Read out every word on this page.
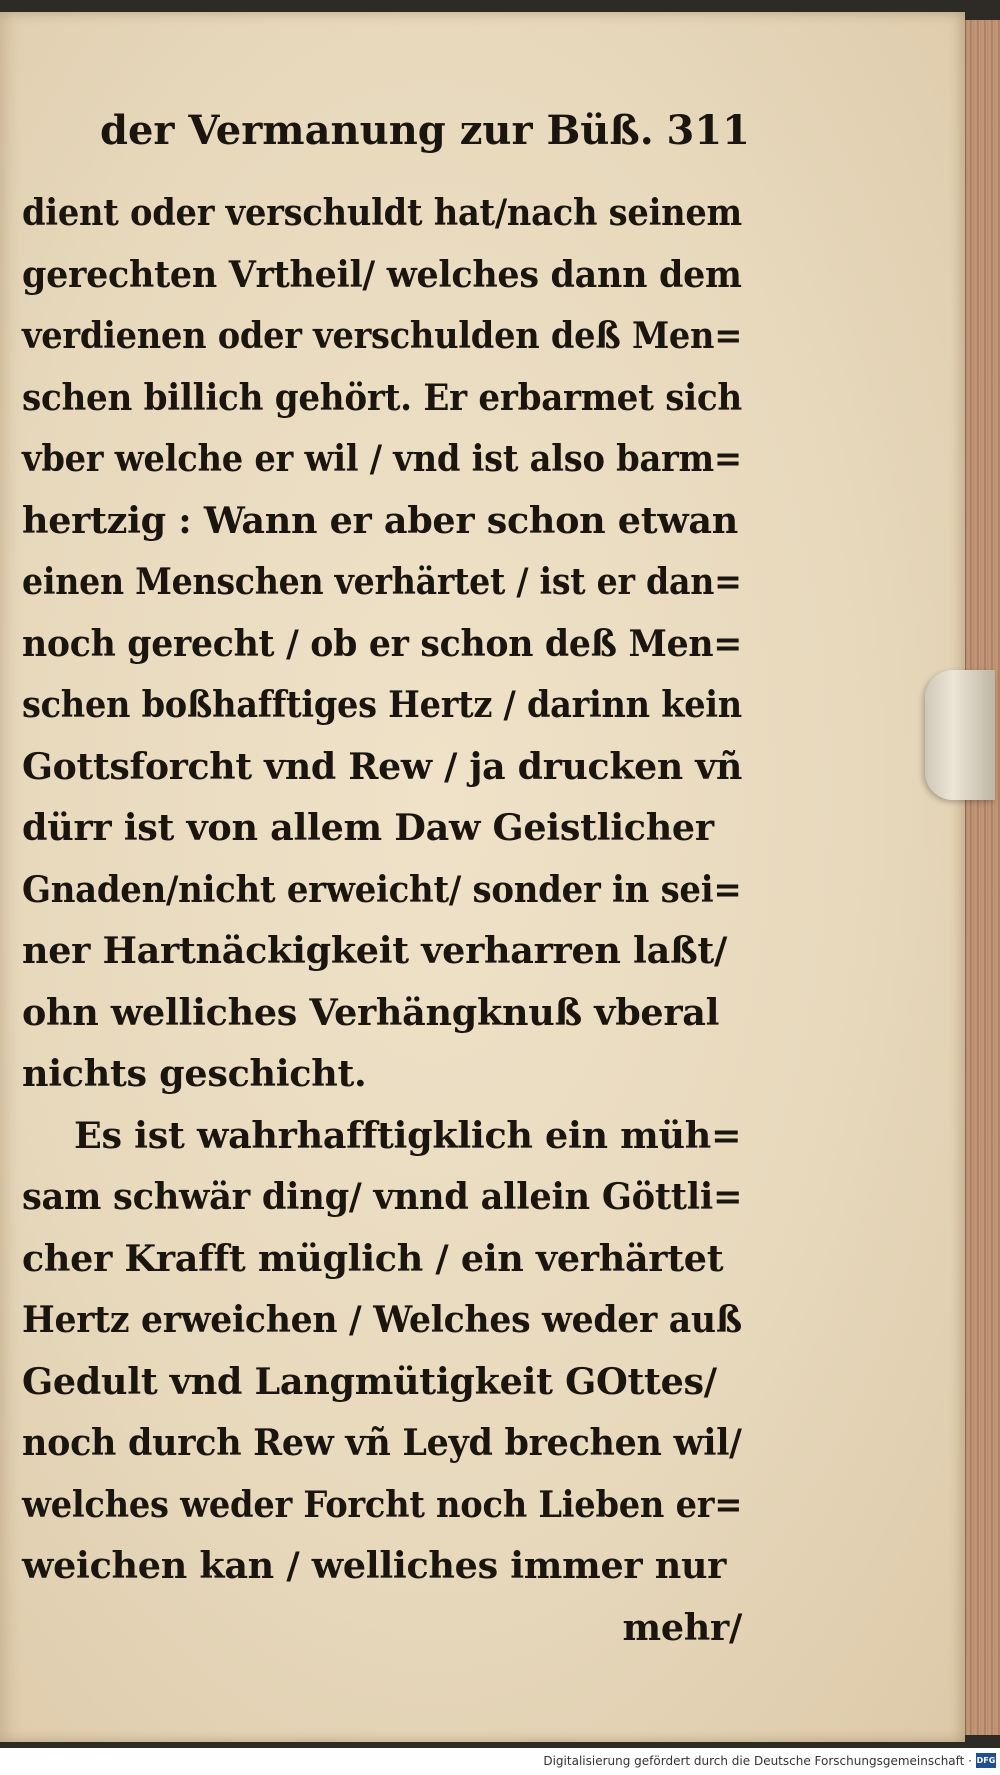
der Vermanung zur Büß. 311
dient oder verschuldt hat/nach seinem
gerechten Vrtheil/ welches dann dem
verdienen oder verschulden deß Men=
schen billich gehört. Er erbarmet sich
vber welche er wil / vnd ist also barm=
hertzig : Wann er aber schon etwan
einen Menschen verhärtet / ist er dan=
noch gerecht / ob er schon deß Men=
schen boßhafftiges Hertz / darinn kein
Gottsforcht vnd Rew / ja drucken vñ
dürr ist von allem Daw Geistlicher
Gnaden/nicht erweicht/ sonder in sei=
ner Hartnäckigkeit verharren laßt/
ohn welliches Verhängknuß vberal
nichts geschicht.
Es ist wahrhafftigklich ein müh=
sam schwär ding/ vnnd allein Göttli=
cher Krafft müglich / ein verhärtet
Hertz erweichen / Welches weder auß
Gedult vnd Langmütigkeit GOttes/
noch durch Rew vñ Leyd brechen wil/
welches weder Forcht noch Lieben er=
weichen kan / welliches immer nur
mehr/
Digitalisierung gefördert durch die Deutsche Forschungsgemeinschaft · DFG
